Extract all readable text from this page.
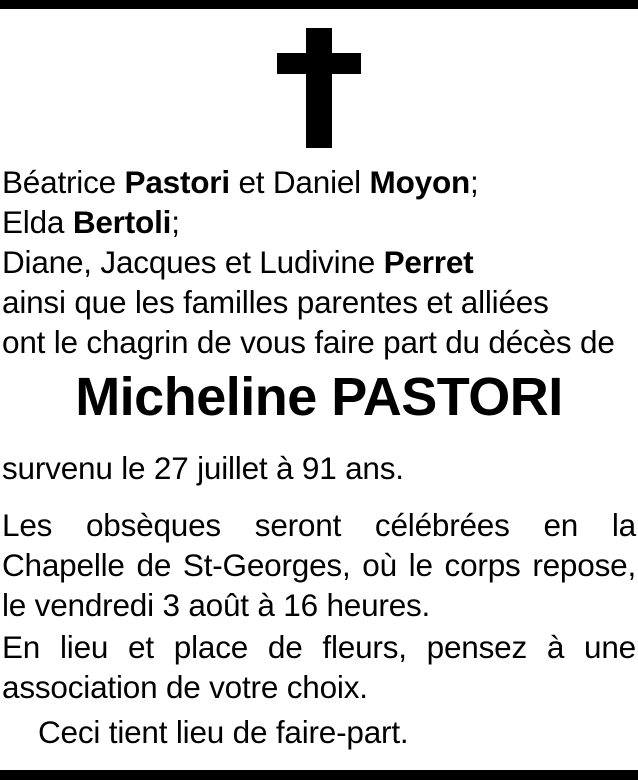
Béatrice Pastori et Daniel Moyon;
Elda Bertoli;
Diane, Jacques et Ludivine Perret
ainsi que les familles parentes et alliées
ont le chagrin de vous faire part du décès de
Micheline PASTORI
survenu le 27 juillet à 91 ans.
Les obsèques seront célébrées en la Chapelle de St-Georges, où le corps repose, le vendredi 3 août à 16 heures.
En lieu et place de fleurs, pensez à une association de votre choix.
Ceci tient lieu de faire-part.
